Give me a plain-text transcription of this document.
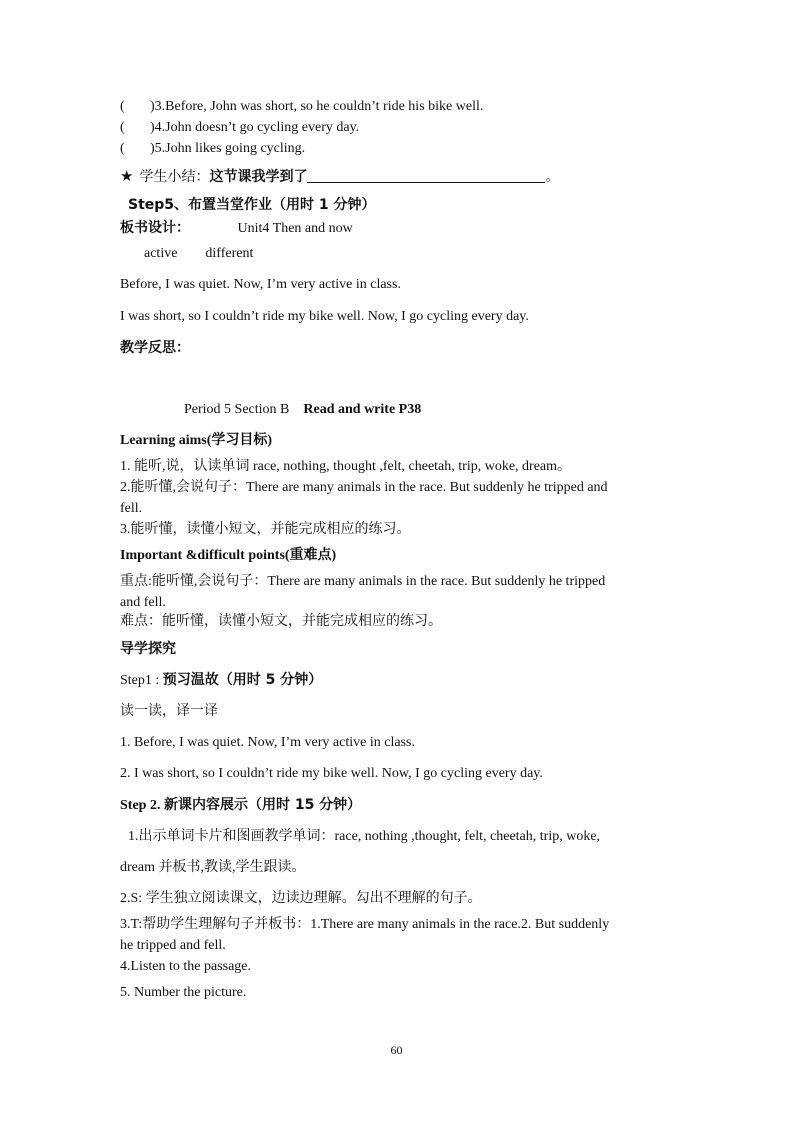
( )3.Before, John was short, so he couldn’t ride his bike well.
( )4.John doesn’t go cycling every day.
( )5.John likes going cycling.
★ 学生小结：这节课我学到了	。
Step5、布置当堂作业（用时 1 分钟）
板书设计：	Unit4 Then and now
active different
Before, I was quiet. Now, I’m very active in class.
I was short, so I couldn’t ride my bike well. Now, I go cycling every day.
教学反思：
Period 5 Section B Read and write P38
Learning aims(学习目标)
1. 能听,说，认读单词 race, nothing, thought ,felt, cheetah, trip, woke, dream。
2.能听懂,会说句子：There are many animals in the race. But suddenly he tripped and
fell.
3.能听懂，读懂小短文，并能完成相应的练习。
Important &difficult points(重难点)
重点:能听懂,会说句子：There are many animals in the race. But suddenly he tripped
and fell.
难点：能听懂，读懂小短文，并能完成相应的练习。
导学探究
Step1 : 预习温故（用时 5 分钟）
读一读，译一译
1. Before, I was quiet. Now, I’m very active in class.
2. I was short, so I couldn’t ride my bike well. Now, I go cycling every day.
Step 2. 新课内容展示（用时 15 分钟）
1.出示单词卡片和图画教学单词：race, nothing ,thought, felt, cheetah, trip, woke,
dream 并板书,教读,学生跟读。
2.S: 学生独立阅读课文，边读边理解。勾出不理解的句子。
3.T:帮助学生理解句子并板书：1.There are many animals in the race.2. But suddenly
he tripped and fell.
4.Listen to the passage.
5. Number the picture.
60
